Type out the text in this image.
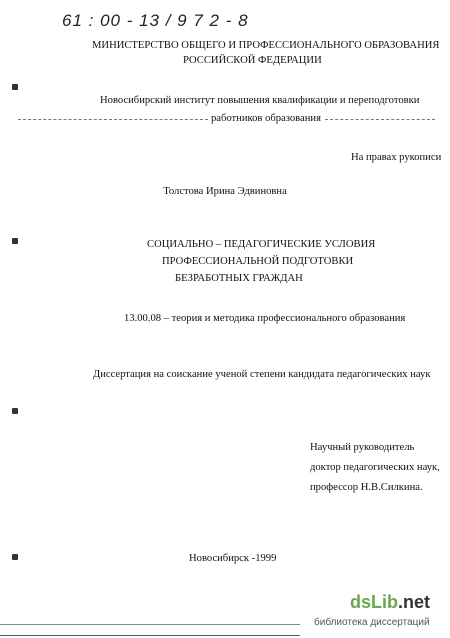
61 : 00 - 13 / 9 7 2 - 8
МИНИСТЕРСТВО ОБЩЕГО И ПРОФЕССИОНАЛЬНОГО ОБРАЗОВАНИЯ
РОССИЙСКОЙ ФЕДЕРАЦИИ
Новосибирский институт повышения квалификации и переподготовки
работников образования
На правах рукописи
Толстова Ирина Эдвиновна
СОЦИАЛЬНО – ПЕДАГОГИЧЕСКИЕ УСЛОВИЯ
ПРОФЕССИОНАЛЬНОЙ ПОДГОТОВКИ
БЕЗРАБОТНЫХ ГРАЖДАН
13.00.08 – теория и методика профессионального образования
Диссертация на соискание ученой степени кандидата педагогических наук
Научный руководитель
доктор педагогических наук,
профессор Н.В.Силкина.
Новосибирск -1999
dsLib.net
библиотека диссертаций
